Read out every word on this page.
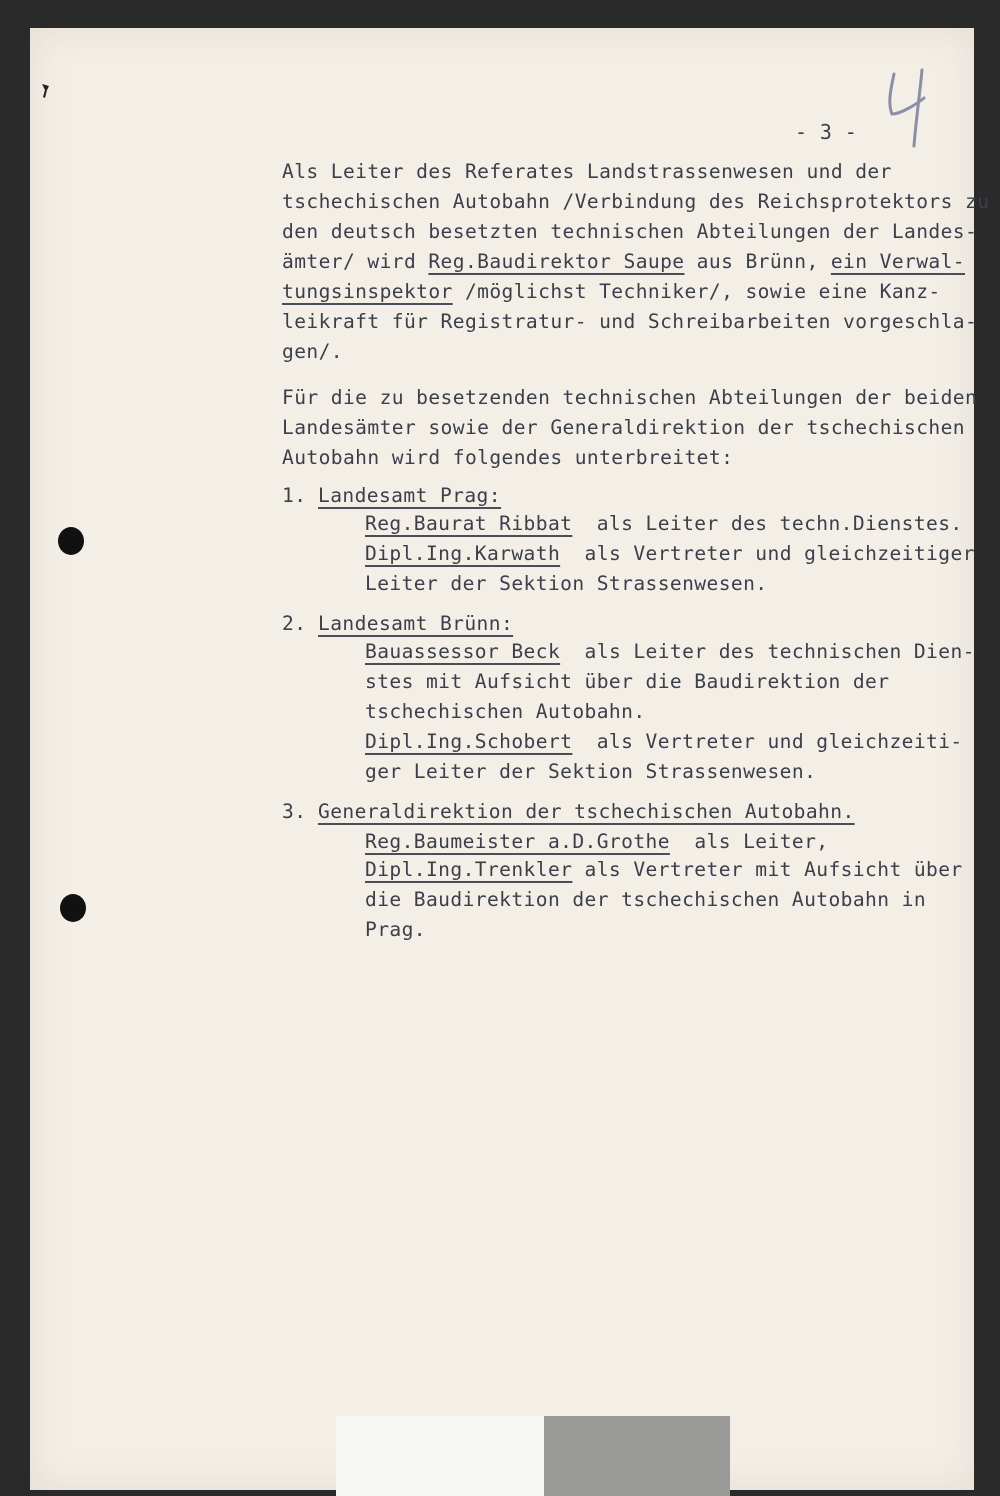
- 3 -
Als Leiter des Referates Landstrassenwesen und der
tschechischen Autobahn /Verbindung des Reichsprotektors zu
den deutsch besetzten technischen Abteilungen der Landes-
ämter/ wird Reg.Baudirektor Saupe aus Brünn, ein Verwal-
tungsinspektor /möglichst Techniker/, sowie eine Kanz-
leikraft für Registratur- und Schreibarbeiten vorgeschla-
gen/.
Für die zu besetzenden technischen Abteilungen der beiden
Landesämter sowie der Generaldirektion der tschechischen
Autobahn wird folgendes unterbreitet:
1. Landesamt Prag:
Reg.Baurat Ribbat  als Leiter des techn.Dienstes.
Dipl.Ing.Karwath  als Vertreter und gleichzeitiger
Leiter der Sektion Strassenwesen.
2. Landesamt Brünn:
Bauassessor Beck  als Leiter des technischen Dien-
stes mit Aufsicht über die Baudirektion der
tschechischen Autobahn.
Dipl.Ing.Schobert  als Vertreter und gleichzeiti-
ger Leiter der Sektion Strassenwesen.
3. Generaldirektion der tschechischen Autobahn.
Reg.Baumeister a.D.Grothe  als Leiter,
Dipl.Ing.Trenkler als Vertreter mit Aufsicht über
die Baudirektion der tschechischen Autobahn in
Prag.
